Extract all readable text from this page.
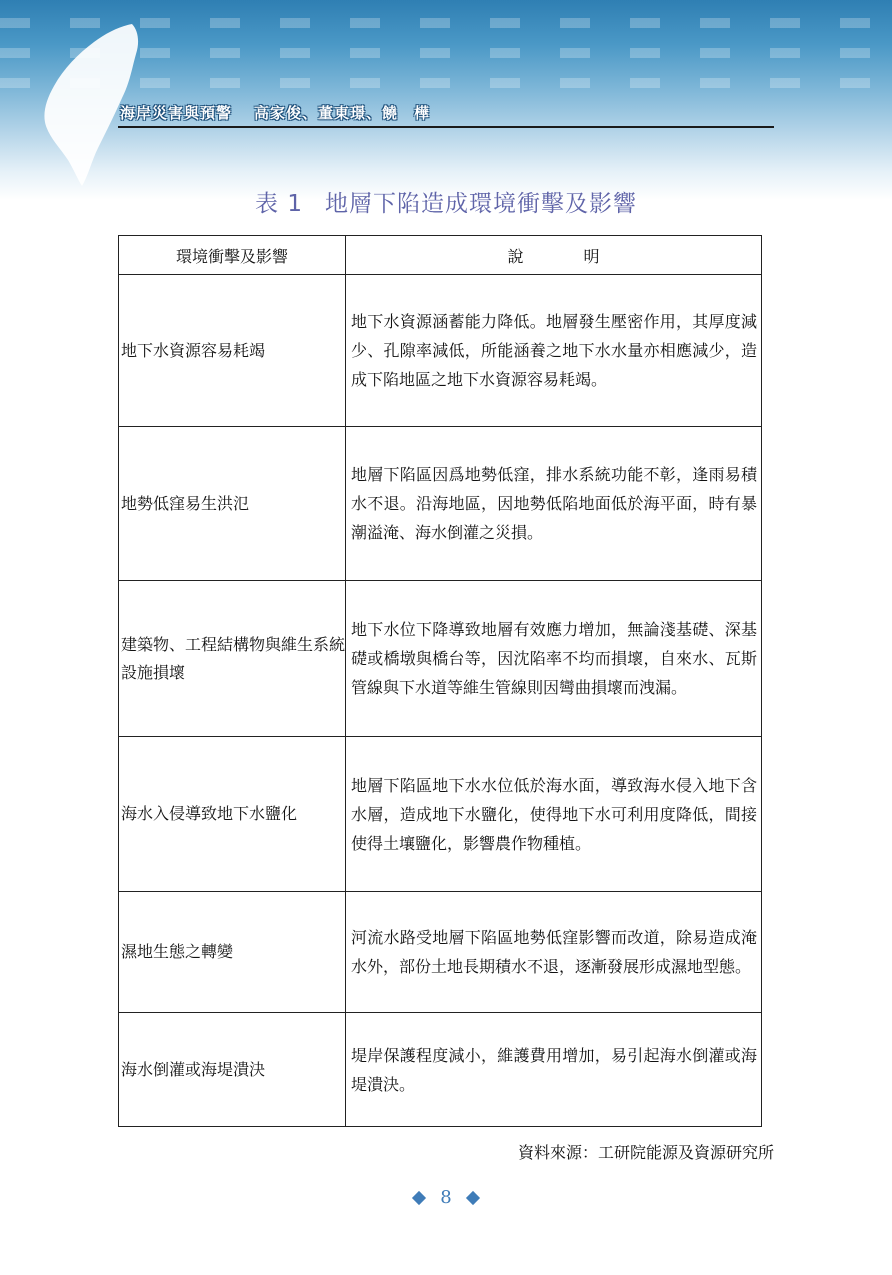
海岸災害與預警 高家俊、董東璟、饒　樺
表 1 地層下陷造成環境衝擊及影響
環境衝擊及影響	說明
地下水資源容易耗竭	地下水資源涵蓄能力降低。地層發生壓密作用，其厚度減少、孔隙率減低，所能涵養之地下水水量亦相應減少，造成下陷地區之地下水資源容易耗竭。
地勢低窪易生洪氾	地層下陷區因爲地勢低窪，排水系統功能不彰，逢雨易積水不退。沿海地區，因地勢低陷地面低於海平面，時有暴潮溢淹、海水倒灌之災損。
建築物、工程結構物與維生系統設施損壞	地下水位下降導致地層有效應力增加，無論淺基礎、深基礎或橋墩與橋台等，因沈陷率不均而損壞，自來水、瓦斯管線與下水道等維生管線則因彎曲損壞而洩漏。
海水入侵導致地下水鹽化	地層下陷區地下水水位低於海水面，導致海水侵入地下含水層，造成地下水鹽化，使得地下水可利用度降低，間接使得土壤鹽化，影響農作物種植。
濕地生態之轉變	河流水路受地層下陷區地勢低窪影響而改道，除易造成淹水外，部份土地長期積水不退，逐漸發展形成濕地型態。
海水倒灌或海堤潰決	堤岸保護程度減小，維護費用增加，易引起海水倒灌或海堤潰決。
資料來源：工研院能源及資源研究所
8
